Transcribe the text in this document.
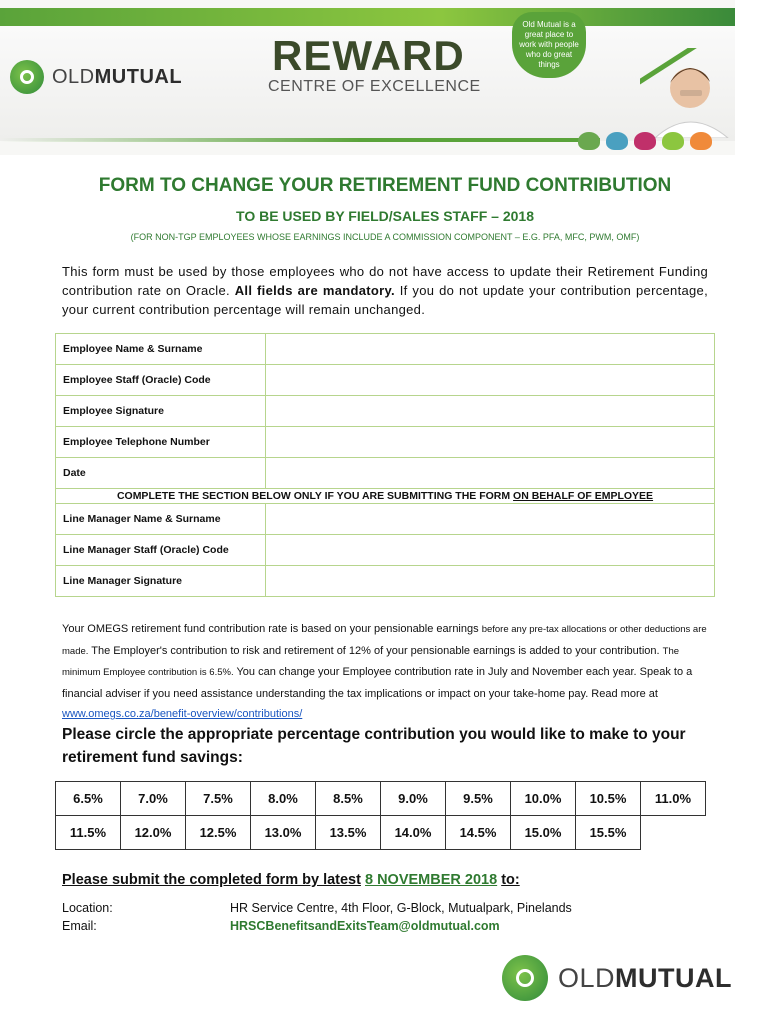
OLDMUTUAL REWARD
CENTRE OF EXCELLENCE
Old Mutual is a great place to work with people who do great things
FORM TO CHANGE YOUR RETIREMENT FUND CONTRIBUTION
TO BE USED BY FIELD/SALES STAFF – 2018
(FOR NON-TGP EMPLOYEES WHOSE EARNINGS INCLUDE A COMMISSION COMPONENT – E.G. PFA, MFC, PWM, OMF)
This form must be used by those employees who do not have access to update their Retirement Funding contribution rate on Oracle. All fields are mandatory. If you do not update your contribution percentage, your current contribution percentage will remain unchanged.
Employee Name & Surname	
Employee Staff (Oracle) Code	
Employee Signature	
Employee Telephone Number	
Date	
COMPLETE THE SECTION BELOW ONLY IF YOU ARE SUBMITTING THE FORM ON BEHALF OF EMPLOYEE	
Line Manager Name & Surname	
Line Manager Staff (Oracle) Code	
Line Manager Signature	
Your OMEGS retirement fund contribution rate is based on your pensionable earnings before any pre-tax allocations or other deductions are made. The Employer's contribution to risk and retirement of 12% of your pensionable earnings is added to your contribution. The minimum Employee contribution is 6.5%. You can change your Employee contribution rate in July and November each year. Speak to a financial adviser if you need assistance understanding the tax implications or impact on your take-home pay. Read more at www.omegs.co.za/benefit-overview/contributions/
Please circle the appropriate percentage contribution you would like to make to your retirement fund savings:
6.5%	7.0%	7.5%	8.0%	8.5%	9.0%	9.5%	10.0%	10.5%	11.0%
11.5%	12.0%	12.5%	13.0%	13.5%	14.0%	14.5%	15.0%	15.5%	
Please submit the completed form by latest 8 NOVEMBER 2018 to:
Location:	HR Service Centre, 4th Floor, G-Block, Mutualpark, Pinelands
Email:	HRSCBenefitsandExitsTeam@oldmutual.com
OLDMUTUAL
